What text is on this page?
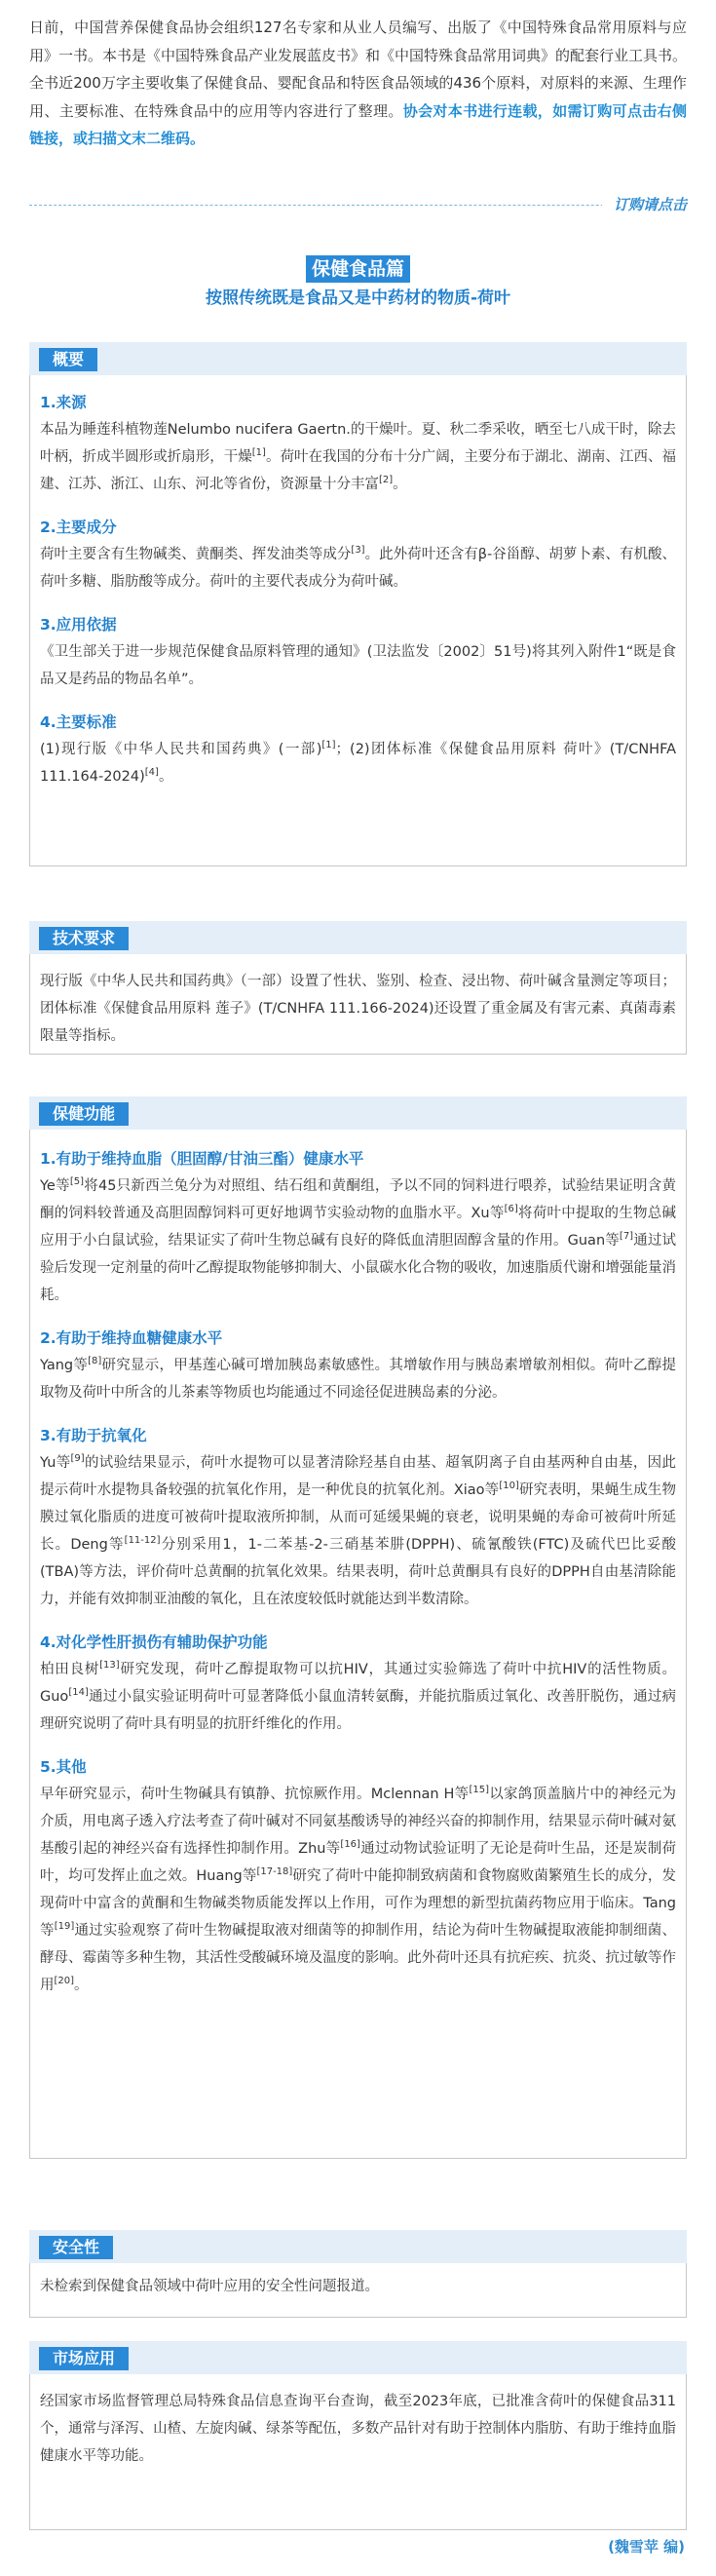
日前，中国营养保健食品协会组织127名专家和从业人员编写、出版了《中国特殊食品常用原料与应用》一书。本书是《中国特殊食品产业发展蓝皮书》和《中国特殊食品常用词典》的配套行业工具书。全书近200万字主要收集了保健食品、婴配食品和特医食品领域的436个原料，对原料的来源、生理作用、主要标准、在特殊食品中的应用等内容进行了整理。协会对本书进行连载，如需订购可点击右侧链接，或扫描文末二维码。
订购请点击
保健食品篇
按照传统既是食品又是中药材的物质-荷叶
1.来源
本品为睡莲科植物莲Nelumbo nucifera Gaertn.的干燥叶。夏、秋二季采收，晒至七八成干时，除去叶柄，折成半圆形或折扇形，干燥[1]。荷叶在我国的分布十分广阔，主要分布于湖北、湖南、江西、福建、江苏、浙江、山东、河北等省份，资源量十分丰富[2]。
2.主要成分
荷叶主要含有生物碱类、黄酮类、挥发油类等成分[3]。此外荷叶还含有β-谷甾醇、胡萝卜素、有机酸、荷叶多糖、脂肪酸等成分。荷叶的主要代表成分为荷叶碱。
3.应用依据
《卫生部关于进一步规范保健食品原料管理的通知》(卫法监发〔2002〕51号)将其列入附件1“既是食品又是药品的物品名单”。
4.主要标准
(1)现行版《中华人民共和国药典》(一部)[1]；(2)团体标准《保健食品用原料 荷叶》(T/CNHFA 111.164-2024)[4]。
概要
现行版《中华人民共和国药典》（一部）设置了性状、鉴别、检查、浸出物、荷叶碱含量测定等项目；团体标准《保健食品用原料 莲子》(T/CNHFA 111.166-2024)还设置了重金属及有害元素、真菌毒素限量等指标。
技术要求
1.有助于维持血脂（胆固醇/甘油三酯）健康水平
Ye等[5]将45只新西兰兔分为对照组、结石组和黄酮组，予以不同的饲料进行喂养，试验结果证明含黄酮的饲料较普通及高胆固醇饲料可更好地调节实验动物的血脂水平。Xu等[6]将荷叶中提取的生物总碱应用于小白鼠试验，结果证实了荷叶生物总碱有良好的降低血清胆固醇含量的作用。Guan等[7]通过试验后发现一定剂量的荷叶乙醇提取物能够抑制大、小鼠碳水化合物的吸收，加速脂质代谢和增强能量消耗。
2.有助于维持血糖健康水平
Yang等[8]研究显示，甲基莲心碱可增加胰岛素敏感性。其增敏作用与胰岛素增敏剂相似。荷叶乙醇提取物及荷叶中所含的儿茶素等物质也均能通过不同途径促进胰岛素的分泌。
3.有助于抗氧化
Yu等[9]的试验结果显示，荷叶水提物可以显著清除羟基自由基、超氧阴离子自由基两种自由基，因此提示荷叶水提物具备较强的抗氧化作用，是一种优良的抗氧化剂。Xiao等[10]研究表明，果蝇生成生物膜过氧化脂质的进度可被荷叶提取液所抑制，从而可延缓果蝇的衰老，说明果蝇的寿命可被荷叶所延长。Deng等[11-12]分别采用1，1-二苯基-2-三硝基苯肼(DPPH)、硫氰酸铁(FTC)及硫代巴比妥酸(TBA)等方法，评价荷叶总黄酮的抗氧化效果。结果表明，荷叶总黄酮具有良好的DPPH自由基清除能力，并能有效抑制亚油酸的氧化，且在浓度较低时就能达到半数清除。
4.对化学性肝损伤有辅助保护功能
柏田良树[13]研究发现，荷叶乙醇提取物可以抗HIV，其通过实验筛选了荷叶中抗HIV的活性物质。Guo[14]通过小鼠实验证明荷叶可显著降低小鼠血清转氨酶，并能抗脂质过氧化、改善肝脱伤，通过病理研究说明了荷叶具有明显的抗肝纤维化的作用。
5.其他
早年研究显示，荷叶生物碱具有镇静、抗惊厥作用。Mclennan H等[15]以家鸽顶盖脑片中的神经元为介质，用电离子透入疗法考查了荷叶碱对不同氨基酸诱导的神经兴奋的抑制作用，结果显示荷叶碱对氨基酸引起的神经兴奋有选择性抑制作用。Zhu等[16]通过动物试验证明了无论是荷叶生品，还是炭制荷叶，均可发挥止血之效。Huang等[17-18]研究了荷叶中能抑制致病菌和食物腐败菌繁殖生长的成分，发现荷叶中富含的黄酮和生物碱类物质能发挥以上作用，可作为理想的新型抗菌药物应用于临床。Tang等[19]通过实验观察了荷叶生物碱提取液对细菌等的抑制作用，结论为荷叶生物碱提取液能抑制细菌、酵母、霉菌等多种生物，其活性受酸碱环境及温度的影响。此外荷叶还具有抗疟疾、抗炎、抗过敏等作用[20]。
保健功能
未检索到保健食品领域中荷叶应用的安全性问题报道。
安全性
经国家市场监督管理总局特殊食品信息查询平台查询，截至2023年底，已批准含荷叶的保健食品311个，通常与泽泻、山楂、左旋肉碱、绿茶等配伍，多数产品针对有助于控制体内脂肪、有助于维持血脂健康水平等功能。
市场应用
(魏雪苹 编)
